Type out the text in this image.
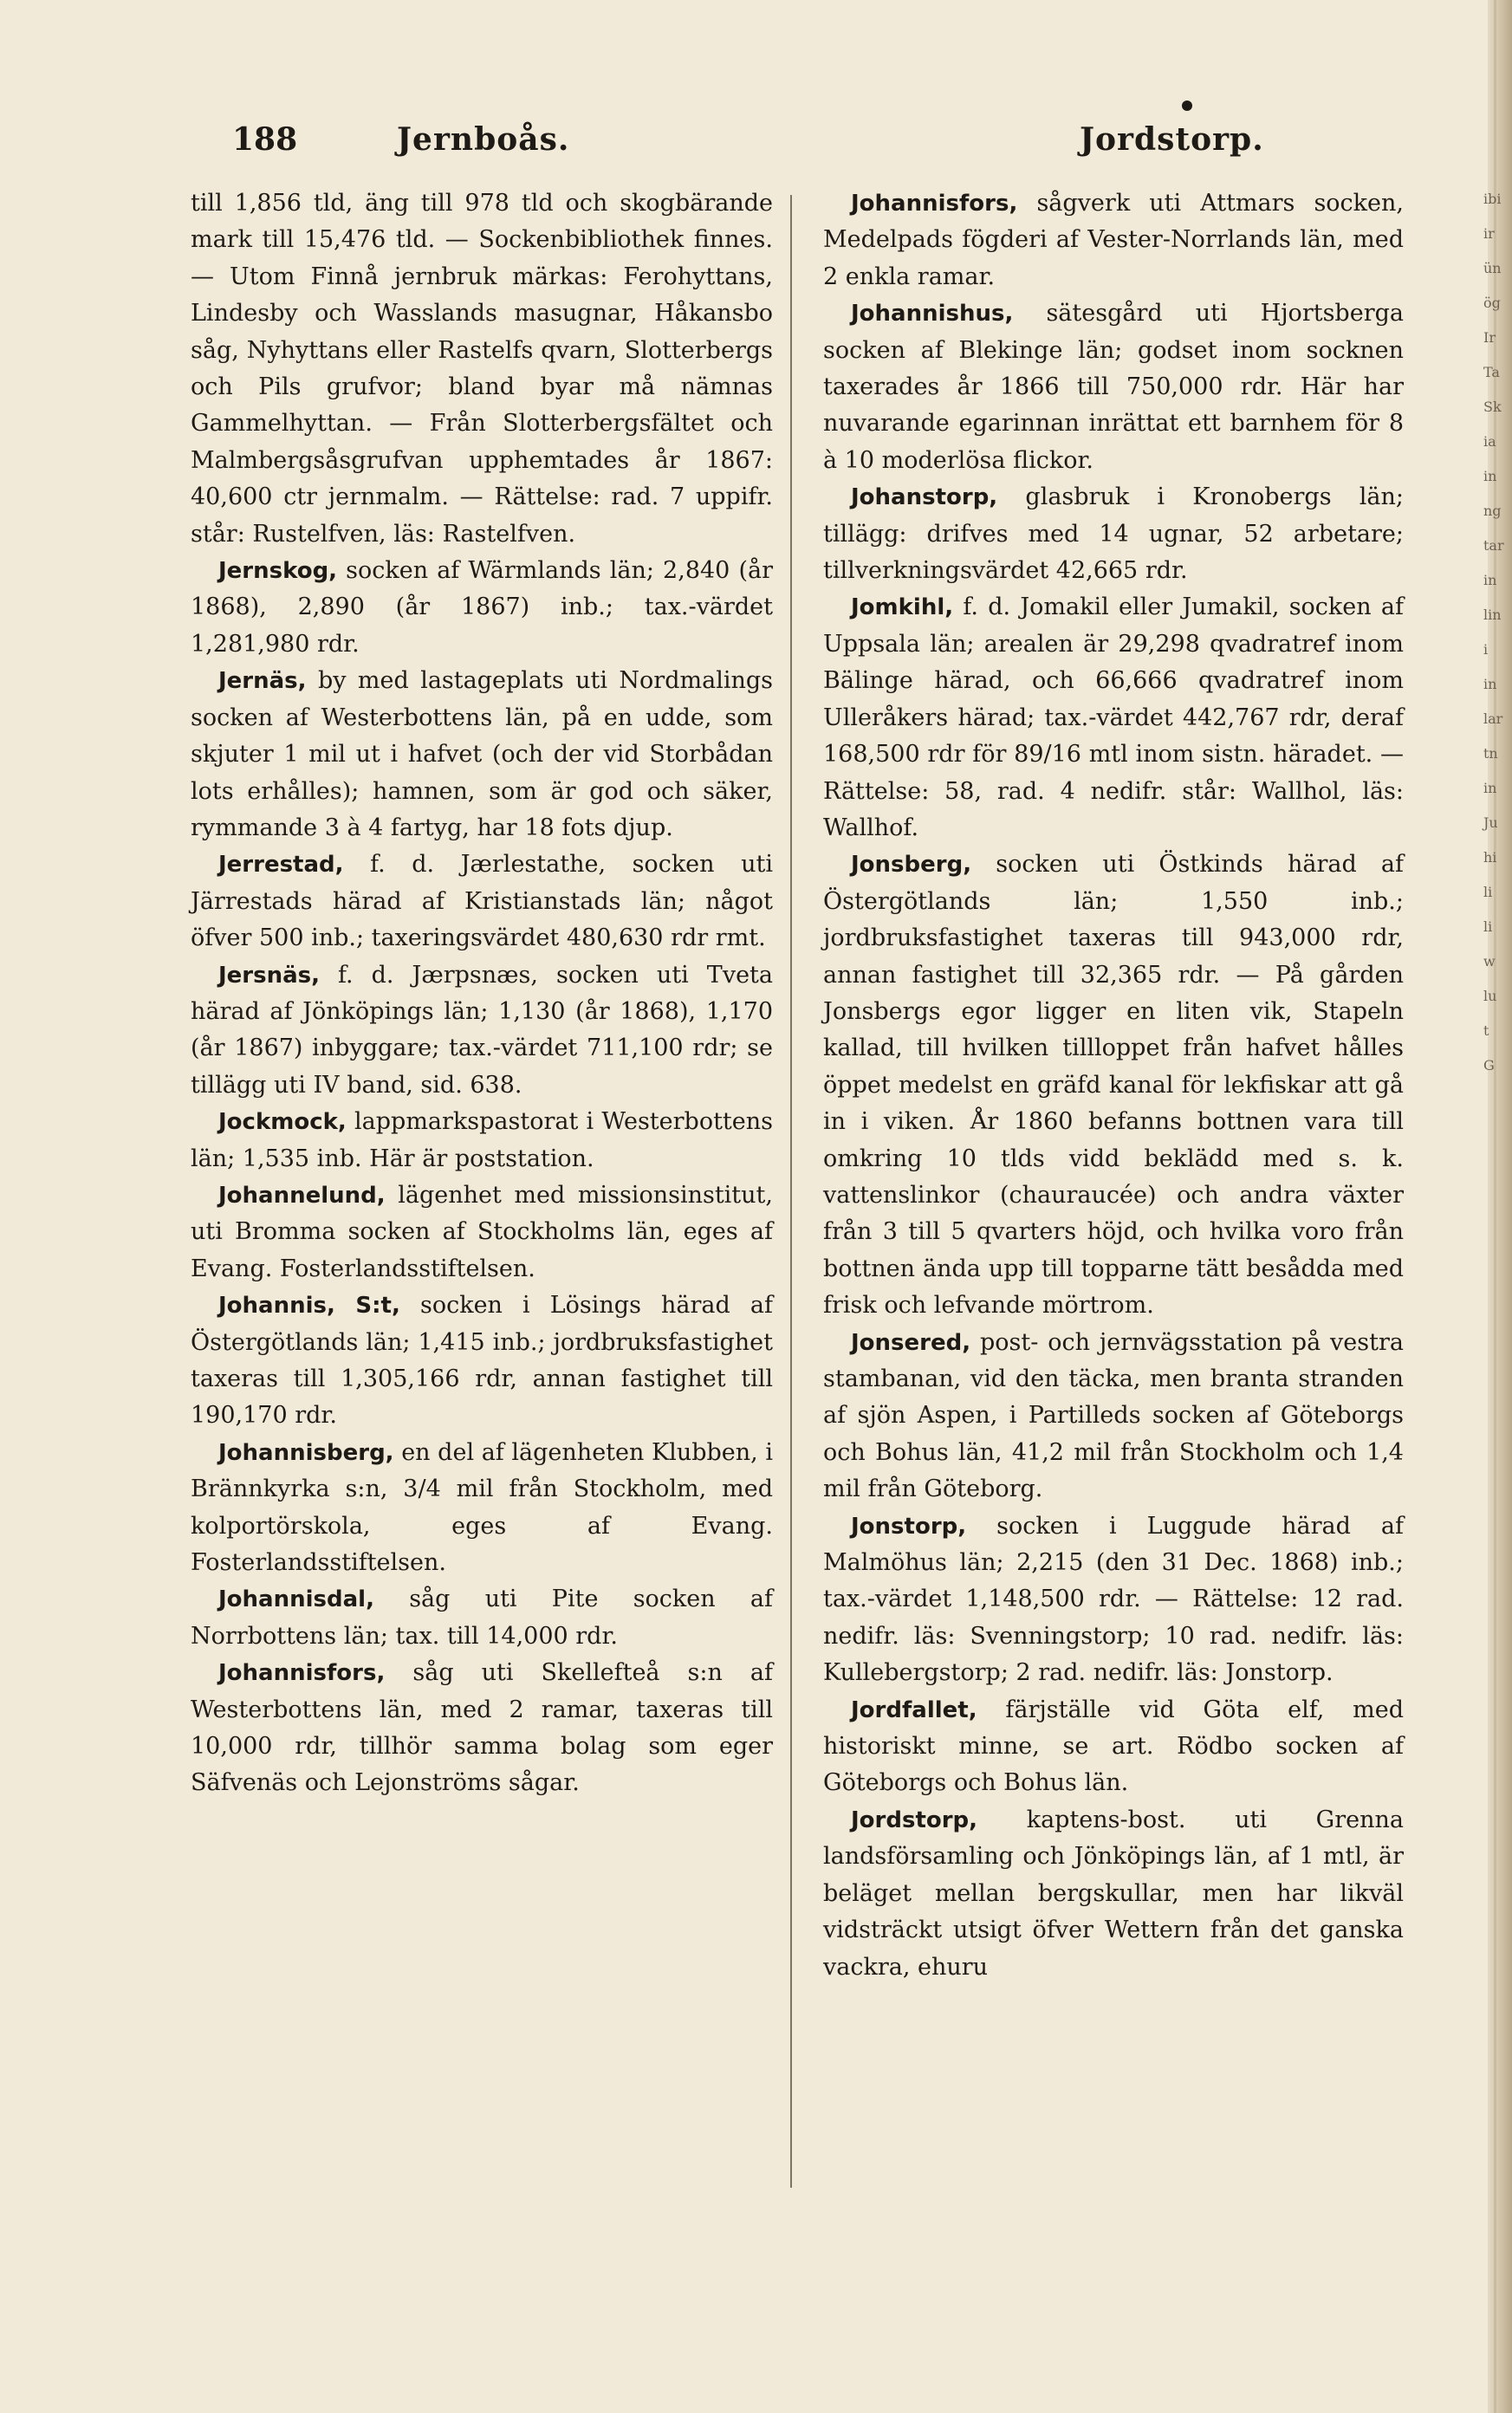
188	Jernboås.	Jordstorp.

till 1,856 tld, äng till 978 tld och skogbärande mark till 15,476 tld. — Sockenbibliothek finnes. — Utom Finnå jernbruk märkas: Ferohyttans, Lindesby och Wasslands masugnar, Håkansbo såg, Nyhyttans eller Rastelfs qvarn, Slotterbergs och Pils grufvor; bland byar må nämnas Gammelhyttan. — Från Slotterbergsfältet och Malmbergsåsgrufvan upphemtades år 1867: 40,600 ctr jernmalm. — Rättelse: rad. 7 uppifr. står: Rustelfven, läs: Rastelfven.

Jernskog, socken af Wärmlands län; 2,840 (år 1868), 2,890 (år 1867) inb.; tax.-värdet 1,281,980 rdr.

Jernäs, by med lastageplats uti Nordmalings socken af Westerbottens län, på en udde, som skjuter 1 mil ut i hafvet (och der vid Storbådan lots erhålles); hamnen, som är god och säker, rymmande 3 à 4 fartyg, har 18 fots djup.

Jerrestad, f. d. Jærlestathe, socken uti Järrestads härad af Kristianstads län; något öfver 500 inb.; taxeringsvärdet 480,630 rdr rmt.

Jersnäs, f. d. Jærpsnæs, socken uti Tveta härad af Jönköpings län; 1,130 (år 1868), 1,170 (år 1867) inbyggare; tax.-värdet 711,100 rdr; se tillägg uti IV band, sid. 638.

Jockmock, lappmarkspastorat i Westerbottens län; 1,535 inb. Här är poststation.

Johannelund, lägenhet med missionsinstitut, uti Bromma socken af Stockholms län, eges af Evang. Fosterlandsstiftelsen.

Johannis, S:t, socken i Lösings härad af Östergötlands län; 1,415 inb.; jordbruksfastighet taxeras till 1,305,166 rdr, annan fastighet till 190,170 rdr.

Johannisberg, en del af lägenheten Klubben, i Brännkyrka s:n, 3/4 mil från Stockholm, med kolportörskola, eges af Evang. Fosterlandsstiftelsen.

Johannisdal, såg uti Pite socken af Norrbottens län; tax. till 14,000 rdr.

Johannisfors, såg uti Skellefteå s:n af Westerbottens län, med 2 ramar, taxeras till 10,000 rdr, tillhör samma bolag som eger Säfvenäs och Lejonströms sågar.

Johannisfors, sågverk uti Attmars socken, Medelpads fögderi af Vester-Norrlands län, med 2 enkla ramar.

Johannishus, sätesgård uti Hjortsberga socken af Blekinge län; godset inom socknen taxerades år 1866 till 750,000 rdr. Här har nuvarande egarinnan inrättat ett barnhem för 8 à 10 moderlösa flickor.

Johanstorp, glasbruk i Kronobergs län; tillägg: drifves med 14 ugnar, 52 arbetare; tillverkningsvärdet 42,665 rdr.

Jomkihl, f. d. Jomakil eller Jumakil, socken af Uppsala län; arealen är 29,298 qvadratref inom Bälinge härad, och 66,666 qvadratref inom Ulleråkers härad; tax.-värdet 442,767 rdr, deraf 168,500 rdr för 89/16 mtl inom sistn. häradet. — Rättelse: 58, rad. 4 nedifr. står: Wallhol, läs: Wallhof.

Jonsberg, socken uti Östkinds härad af Östergötlands län; 1,550 inb.; jordbruksfastighet taxeras till 943,000 rdr, annan fastighet till 32,365 rdr. — På gården Jonsbergs egor ligger en liten vik, Stapeln kallad, till hvilken tillloppet från hafvet hålles öppet medelst en gräfd kanal för lekfiskar att gå in i viken. År 1860 befanns bottnen vara till omkring 10 tlds vidd beklädd med s. k. vattenslinkor (chauraucée) och andra växter från 3 till 5 qvarters höjd, och hvilka voro från bottnen ända upp till topparne tätt besådda med frisk och lefvande mörtrom.

Jonsered, post- och jernvägsstation på vestra stambanan, vid den täcka, men branta stranden af sjön Aspen, i Partilleds socken af Göteborgs och Bohus län, 41,2 mil från Stockholm och 1,4 mil från Göteborg.

Jonstorp, socken i Luggude härad af Malmöhus län; 2,215 (den 31 Dec. 1868) inb.; tax.-värdet 1,148,500 rdr. — Rättelse: 12 rad. nedifr. läs: Svenningstorp; 10 rad. nedifr. läs: Kullebergstorp; 2 rad. nedifr. läs: Jonstorp.

Jordfallet, färjställe vid Göta elf, med historiskt minne, se art. Rödbo socken af Göteborgs och Bohus län.

Jordstorp, kaptens-bost. uti Grenna landsförsamling och Jönköpings län, af 1 mtl, är beläget mellan bergskullar, men har likväl vidsträckt utsigt öfver Wettern från det ganska vackra, ehuru

ibi
ir
ün
ög
Ir
Ta
Sk
ia
in
ng
tar
in
lin
i
in
lar
tn
in
Ju
hi
li
li
w
lu
t
G
